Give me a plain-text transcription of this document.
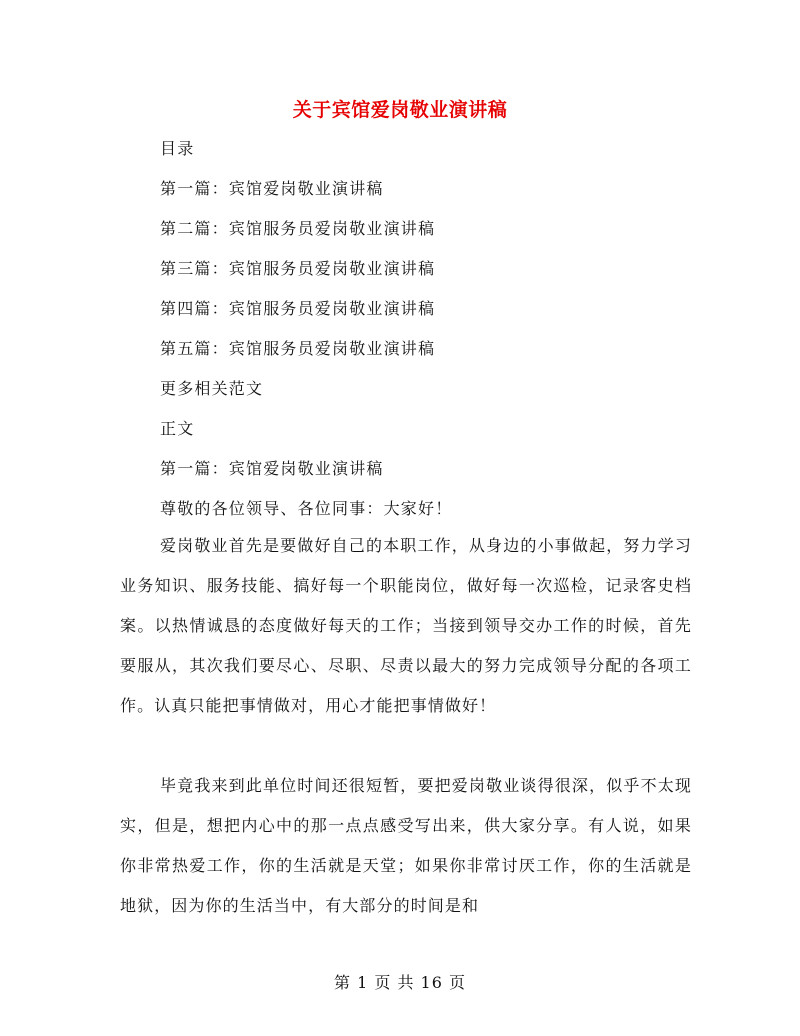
关于宾馆爱岗敬业演讲稿
目录
第一篇：宾馆爱岗敬业演讲稿
第二篇：宾馆服务员爱岗敬业演讲稿
第三篇：宾馆服务员爱岗敬业演讲稿
第四篇：宾馆服务员爱岗敬业演讲稿
第五篇：宾馆服务员爱岗敬业演讲稿
更多相关范文
正文
第一篇：宾馆爱岗敬业演讲稿
尊敬的各位领导、各位同事：大家好！
爱岗敬业首先是要做好自己的本职工作，从身边的小事做起，努力学习业务知识、服务技能、搞好每一个职能岗位，做好每一次巡检，记录客史档案。以热情诚恳的态度做好每天的工作；当接到领导交办工作的时候，首先要服从，其次我们要尽心、尽职、尽责以最大的努力完成领导分配的各项工作。认真只能把事情做对，用心才能把事情做好！
毕竟我来到此单位时间还很短暂，要把爱岗敬业谈得很深，似乎不太现实，但是，想把内心中的那一点点感受写出来，供大家分享。有人说，如果你非常热爱工作，你的生活就是天堂；如果你非常讨厌工作，你的生活就是地狱，因为你的生活当中，有大部分的时间是和
第 1 页 共 16 页
